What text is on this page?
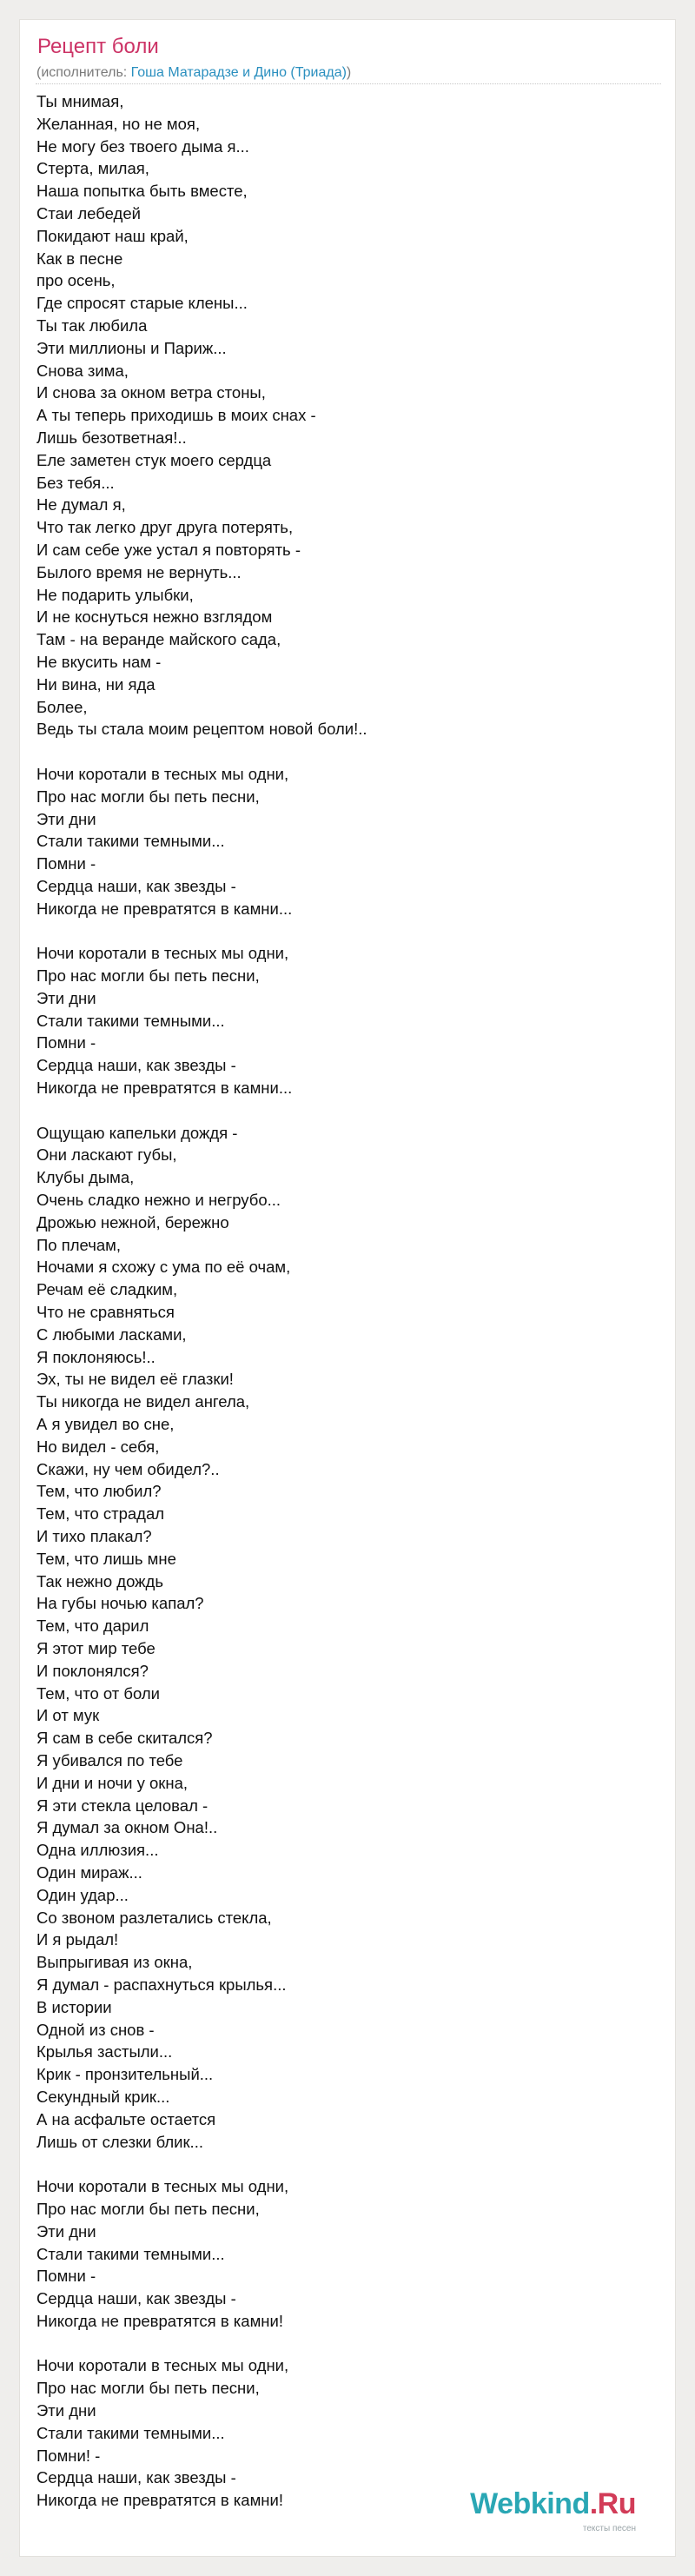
Рецепт боли
(исполнитель: Гоша Матарадзе и Дино (Триада))
Ты мнимая,
Желанная, но не моя,
Не могу без твоего дыма я...
Стерта, милая,
Наша попытка быть вместе,
Стаи лебедей
Покидают наш край,
Как в песне
про осень,
Где спросят старые клены...
Ты так любила
Эти миллионы и Париж...
Снова зима,
И снова за окном ветра стоны,
А ты теперь приходишь в моих снах -
Лишь безответная!..
Еле заметен стук моего сердца
Без тебя...
Не думал я,
Что так легко друг друга потерять,
И сам себе уже устал я повторять -
Былого время не вернуть...
Не подарить улыбки,
И не коснуться нежно взглядом
Там - на веранде майского сада,
Не вкусить нам -
Ни вина, ни яда
Более,
Ведь ты стала моим рецептом новой боли!..
Ночи коротали в тесных мы одни,
Про нас могли бы петь песни,
Эти дни
Стали такими темными...
Помни -
Сердца наши, как звезды -
Никогда не превратятся в камни...
Ночи коротали в тесных мы одни,
Про нас могли бы петь песни,
Эти дни
Стали такими темными...
Помни -
Сердца наши, как звезды -
Никогда не превратятся в камни...
Ощущаю капельки дождя -
Они ласкают губы,
Клубы дыма,
Очень сладко нежно и негрубо...
Дрожью нежной, бережно
По плечам,
Ночами я схожу с ума по её очам,
Речам её сладким,
Что не сравняться
С любыми ласками,
Я поклоняюсь!..
Эх, ты не видел её глазки!
Ты никогда не видел ангела,
А я увидел во сне,
Но видел - себя,
Скажи, ну чем обидел?..
Тем, что любил?
Тем, что страдал
И тихо плакал?
Тем, что лишь мне
Так нежно дождь
На губы ночью капал?
Тем, что дарил
Я этот мир тебе
И поклонялся?
Тем, что от боли
И от мук
Я сам в себе скитался?
Я убивался по тебе
И дни и ночи у окна,
Я эти стекла целовал -
Я думал за окном Она!..
Одна иллюзия...
Один мираж...
Один удар...
Со звоном разлетались стекла,
И я рыдал!
Выпрыгивая из окна,
Я думал - распахнуться крылья...
В истории
Одной из снов -
Крылья застыли...
Крик - пронзительный...
Секундный крик...
А на асфальте остается
Лишь от слезки блик...
Ночи коротали в тесных мы одни,
Про нас могли бы петь песни,
Эти дни
Стали такими темными...
Помни -
Сердца наши, как звезды -
Никогда не превратятся в камни!
Ночи коротали в тесных мы одни,
Про нас могли бы петь песни,
Эти дни
Стали такими темными...
Помни! -
Сердца наши, как звезды -
Никогда не превратятся в камни!	Webkind.Ru
тексты песен
